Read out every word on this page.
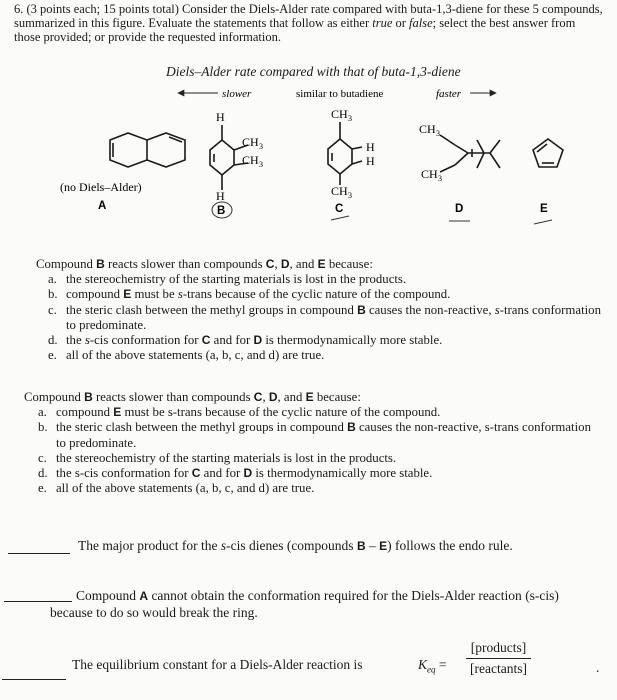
6. (3 points each; 15 points total) Consider the Diels-Alder rate compared with buta-1,3-diene for these 5 compounds, summarized in this figure. Evaluate the statements that follow as either true or false; select the best answer from those provided; or provide the requested information.
Diels–Alder rate compared with that of buta-1,3-diene
slower	similar to butadiene	faster
(no Diels–Alder)
A
H
CH 3
CH 3
H
B
CH 3
H
H
CH 3
C
CH 3
CH 3
D	E
Compound B reacts slower than compounds C, D, and E because:
a. the stereochemistry of the starting materials is lost in the products.
b. compound E must be s-trans because of the cyclic nature of the compound.
c. the steric clash between the methyl groups in compound B causes the non-reactive, s-trans conformation to predominate.
d. the s-cis conformation for C and for D is thermodynamically more stable.
e. all of the above statements (a, b, c, and d) are true.
Compound B reacts slower than compounds C, D, and E because:
a. compound E must be s-trans because of the cyclic nature of the compound.
b. the steric clash between the methyl groups in compound B causes the non-reactive, s-trans conformation to predominate.
c. the stereochemistry of the starting materials is lost in the products.
d. the s-cis conformation for C and for D is thermodynamically more stable.
e. all of the above statements (a, b, c, and d) are true.
The major product for the s-cis dienes (compounds B – E) follows the endo rule.
Compound A cannot obtain the conformation required for the Diels-Alder reaction (s-cis)
because to do so would break the ring.
The equilibrium constant for a Diels-Alder reaction is	$K_{eq}$ =
[products]
[reactants]	.
